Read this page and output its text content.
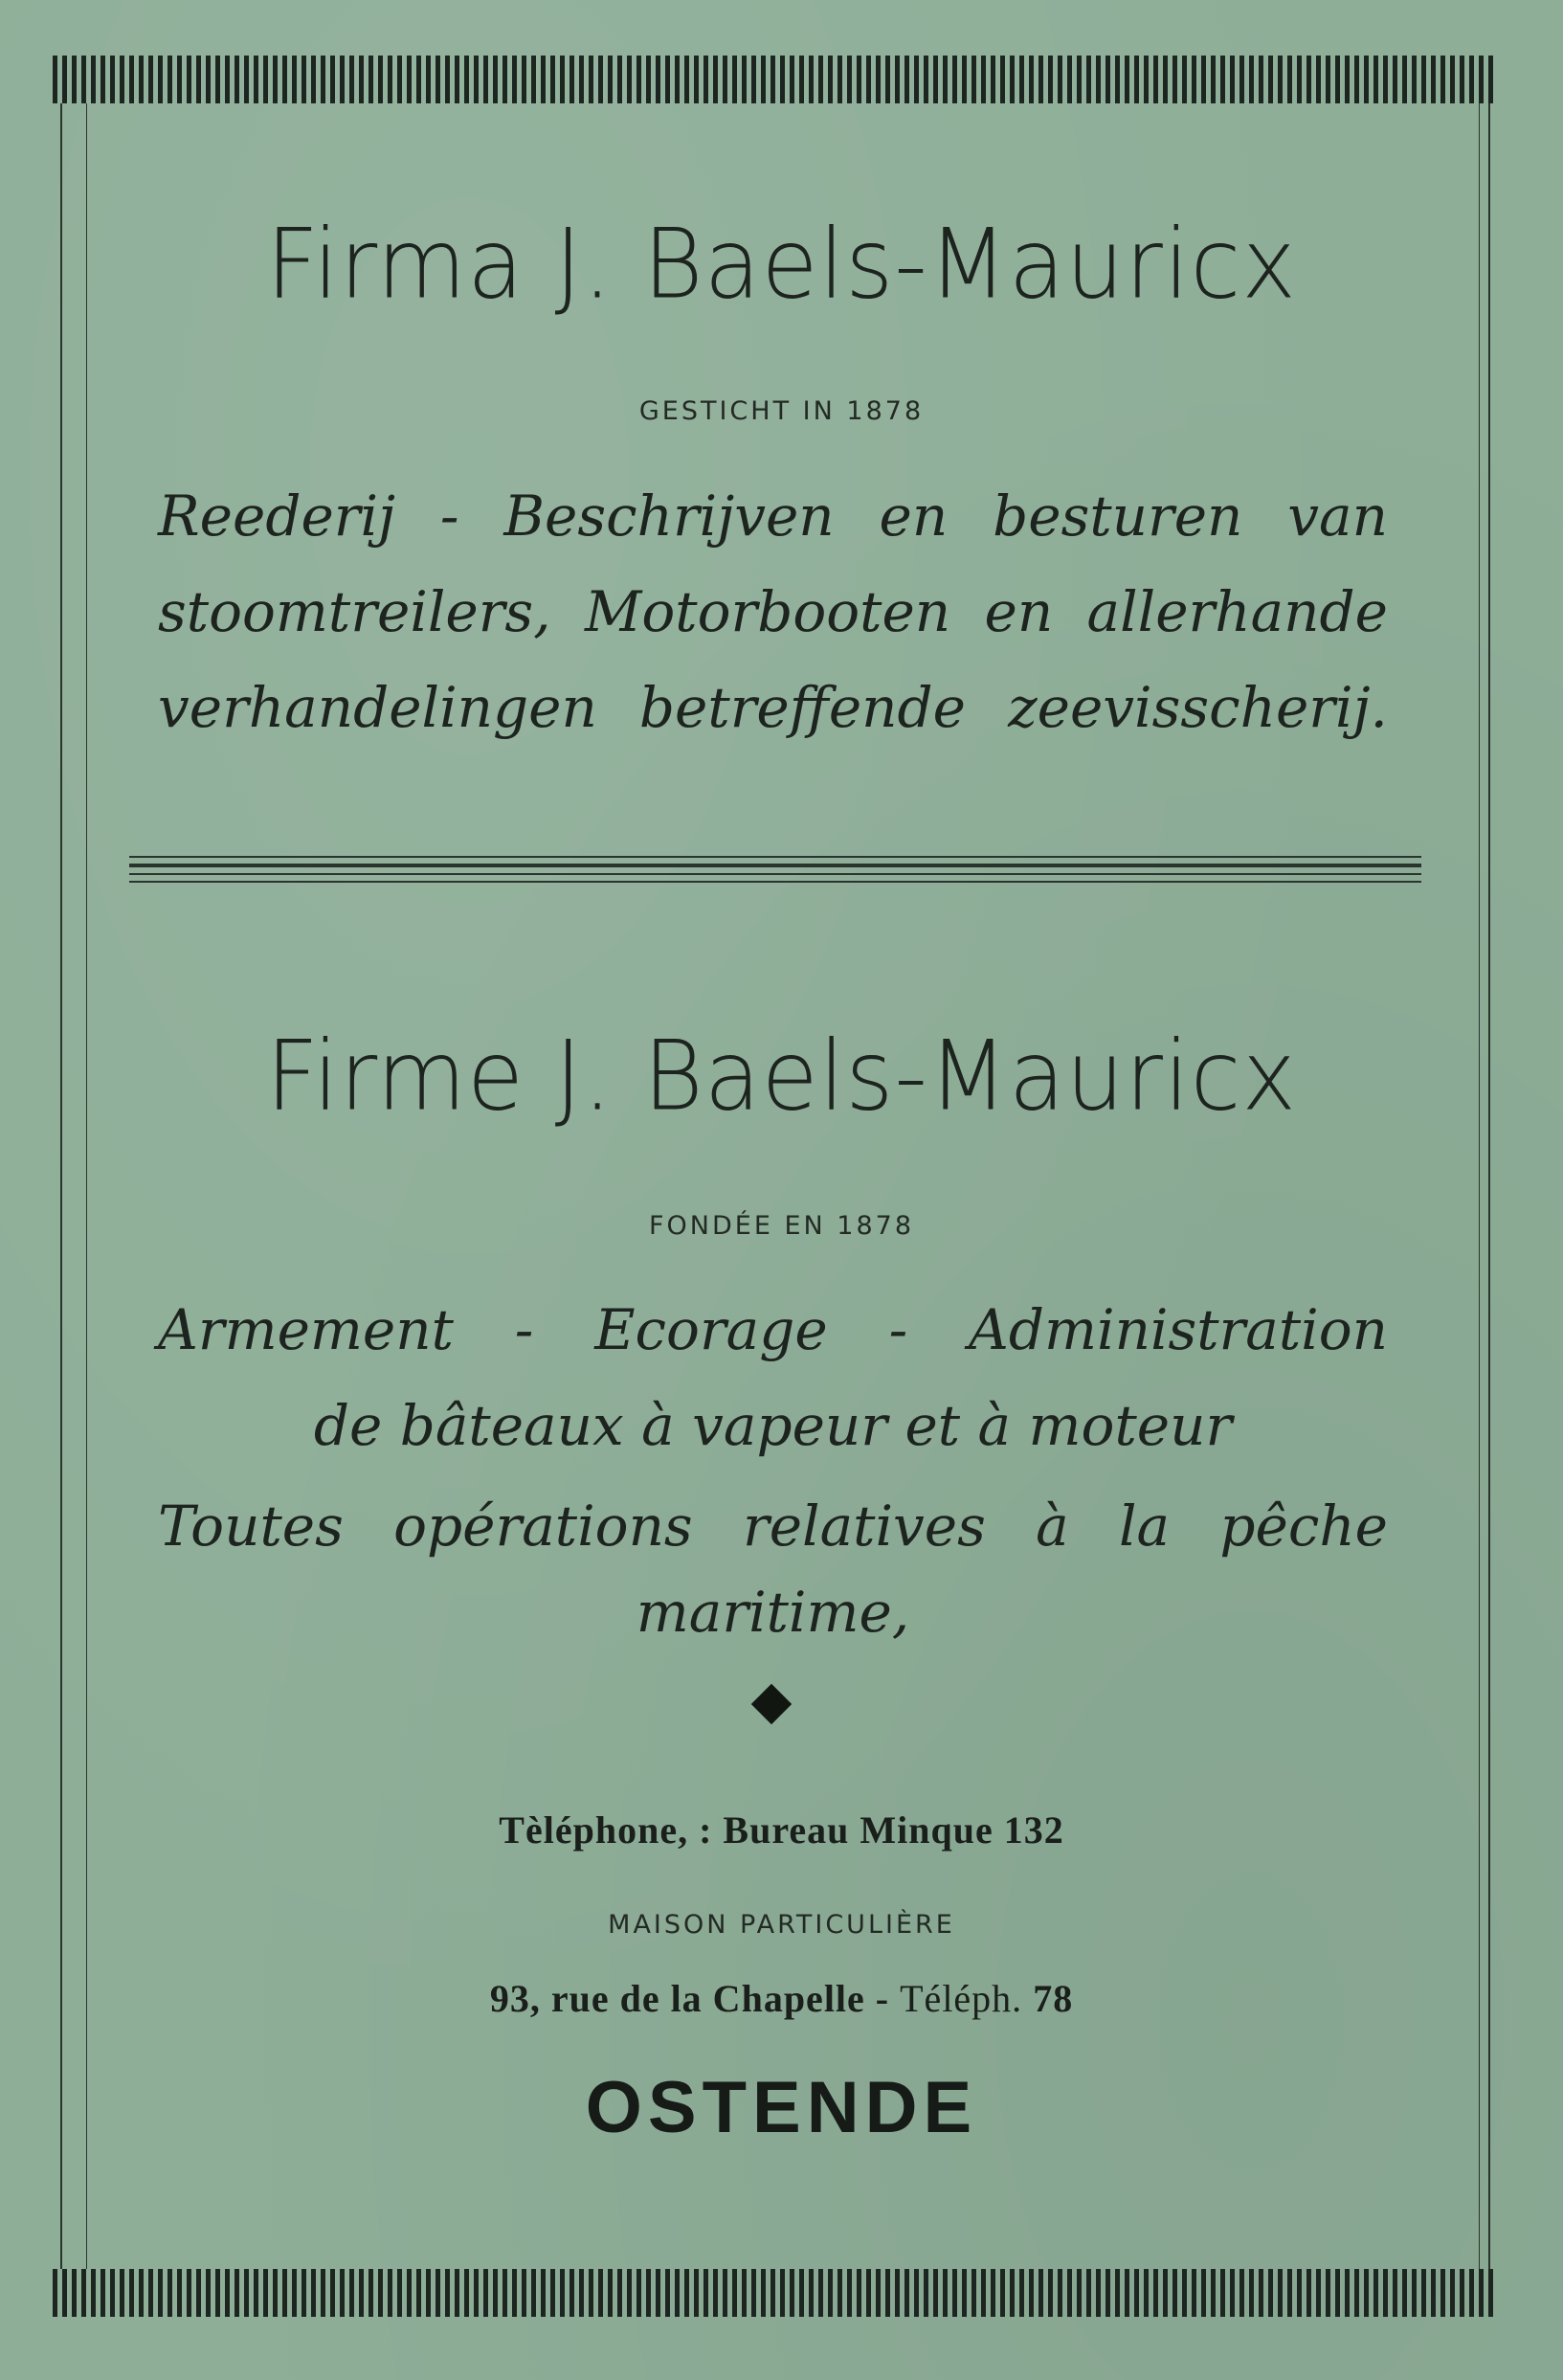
Firma J. Baels-Mauricx
GESTICHT IN 1878
Reederij - Beschrijven en besturen van
stoomtreilers, Motorbooten en allerhande
verhandelingen betreffende zeevisscherij.
Firme J. Baels-Mauricx
FONDÉE EN 1878
Armement - Ecorage - Administration
de bâteaux à vapeur et à moteur
Toutes opérations relatives à la pêche
maritime,
Tèléphone, : Bureau Minque 132
MAISON PARTICULIÈRE
93, rue de la Chapelle - Téléph. 78
OSTENDE
